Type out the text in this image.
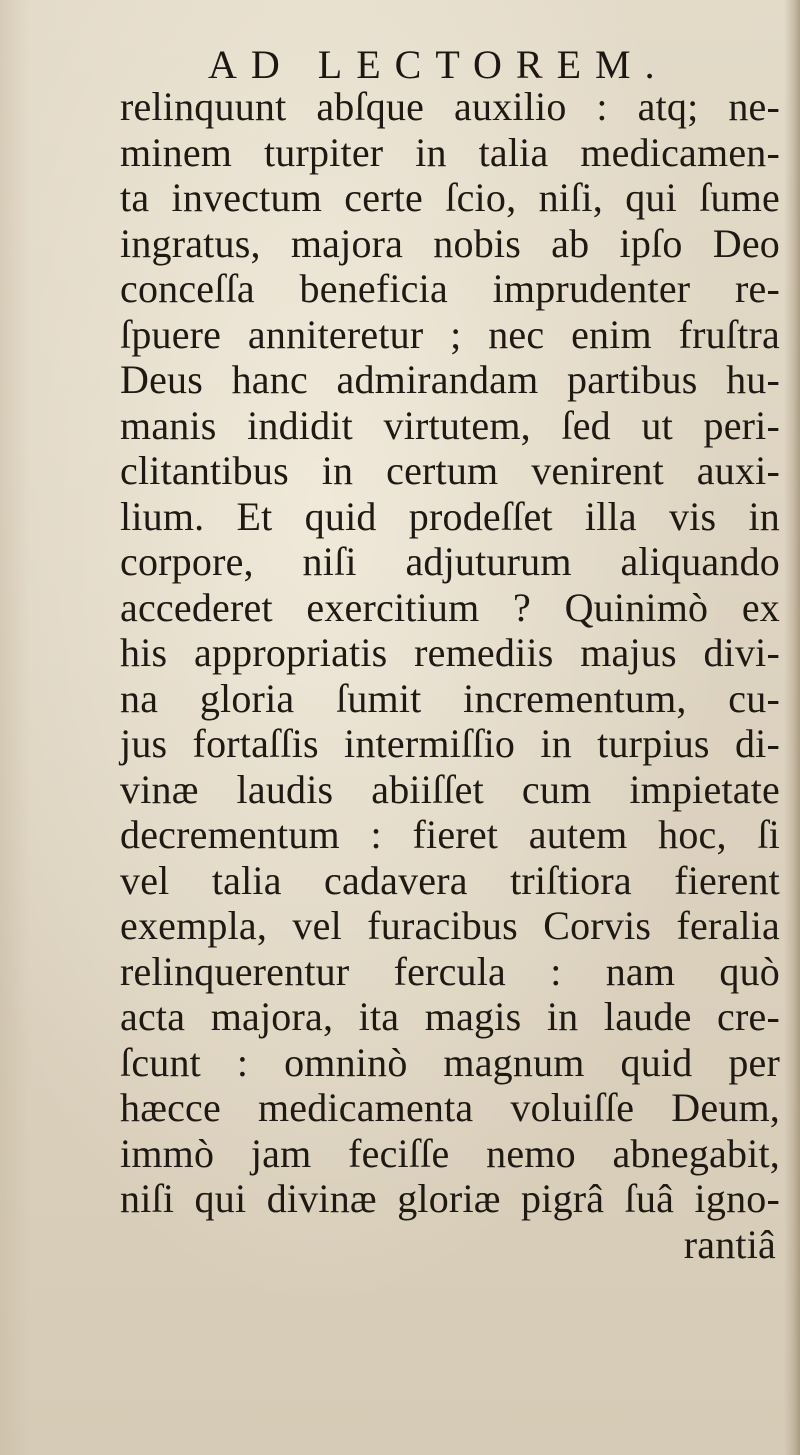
AD LECTOREM.
relinquunt abſque auxilio : atq; ne-
minem turpiter in talia medicamen-
ta invectum certe ſcio, niſi, qui ſume
ingratus, majora nobis ab ipſo Deo
conceſſa beneficia imprudenter re-
ſpuere anniteretur ; nec enim fruſtra
Deus hanc admirandam partibus hu-
manis indidit virtutem, ſed ut peri-
clitantibus in certum venirent auxi-
lium. Et quid prodeſſet illa vis in
corpore, niſi adjuturum aliquando
accederet exercitium ? Quinimò ex
his appropriatis remediis majus divi-
na gloria ſumit incrementum, cu-
jus fortaſſis intermiſſio in turpius di-
vinæ laudis abiiſſet cum impietate
decrementum : fieret autem hoc, ſi
vel talia cadavera triſtiora fierent
exempla, vel furacibus Corvis feralia
relinquerentur fercula : nam quò
acta majora, ita magis in laude cre-
ſcunt : omninò magnum quid per
hæcce medicamenta voluiſſe Deum,
immò jam feciſſe nemo abnegabit,
niſi qui divinæ gloriæ pigrâ ſuâ igno-
rantiâ
